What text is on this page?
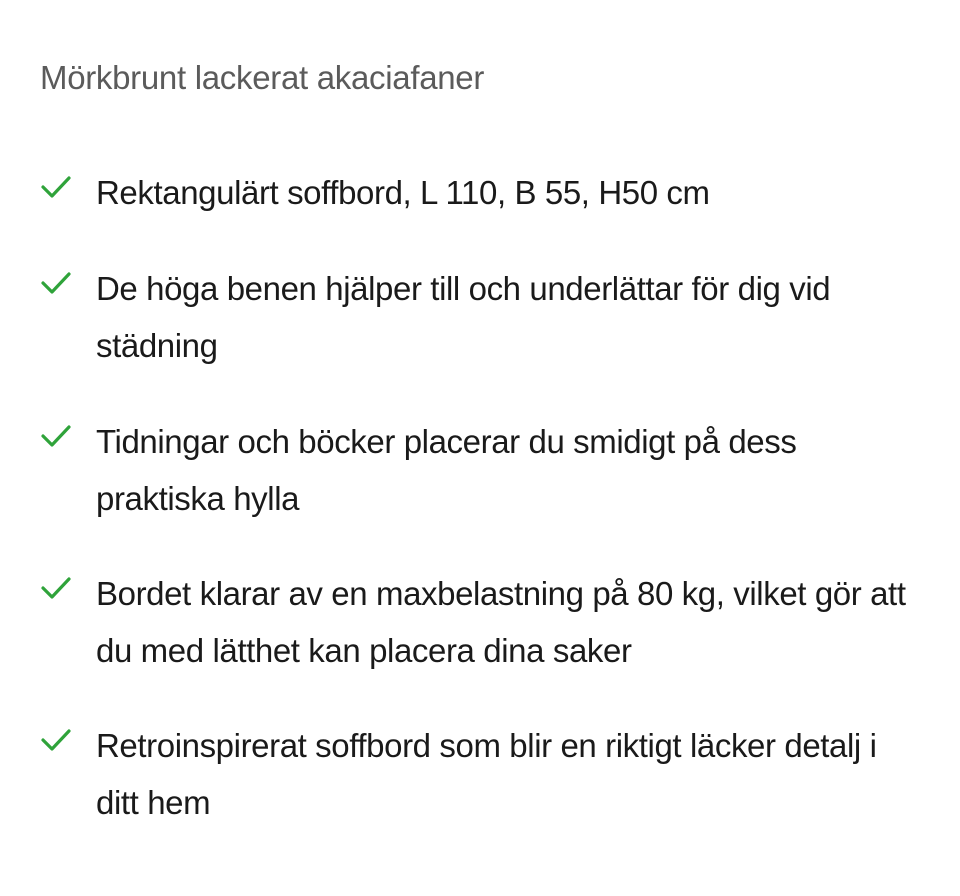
Mörkbrunt lackerat akaciafaner
Rektangulärt soffbord, L 110, B 55, H50 cm
De höga benen hjälper till och underlättar för dig vid städning
Tidningar och böcker placerar du smidigt på dess praktiska hylla
Bordet klarar av en maxbelastning på 80 kg, vilket gör att du med lätthet kan placera dina saker
Retroinspirerat soffbord som blir en riktigt läcker detalj i ditt hem
